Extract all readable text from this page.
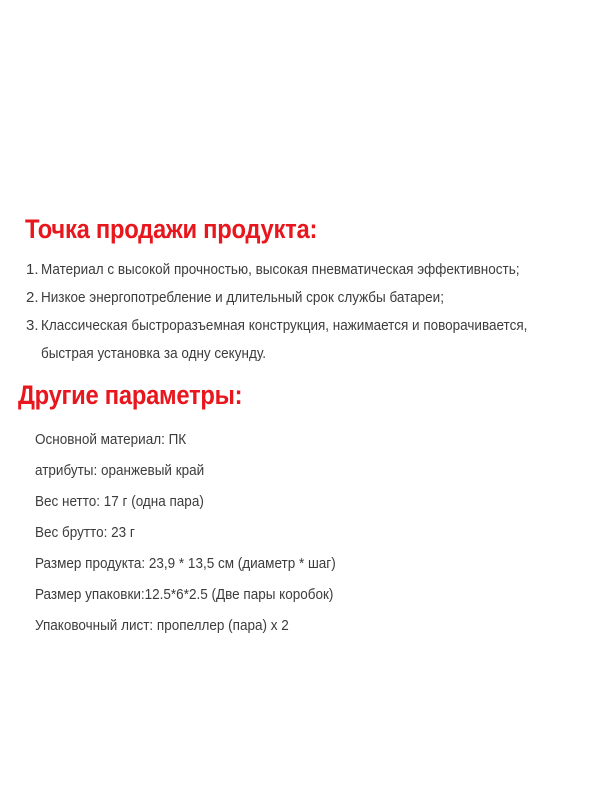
Точка продажи продукта:
1. Материал с высокой прочностью, высокая пневматическая эффективность;
2. Низкое энергопотребление и длительный срок службы батареи;
3. Классическая быстроразъемная конструкция, нажимается и поворачивается,
быстрая установка за одну секунду.
Другие параметры:
Основной материал: ПК
атрибуты: оранжевый край
Вес нетто: 17 г (одна пара)
Вес брутто: 23 г
Размер продукта: 23,9 * 13,5 см (диаметр * шаг)
Размер упаковки:12.5*6*2.5 (Две пары коробок)
Упаковочный лист: пропеллер (пара) x 2
